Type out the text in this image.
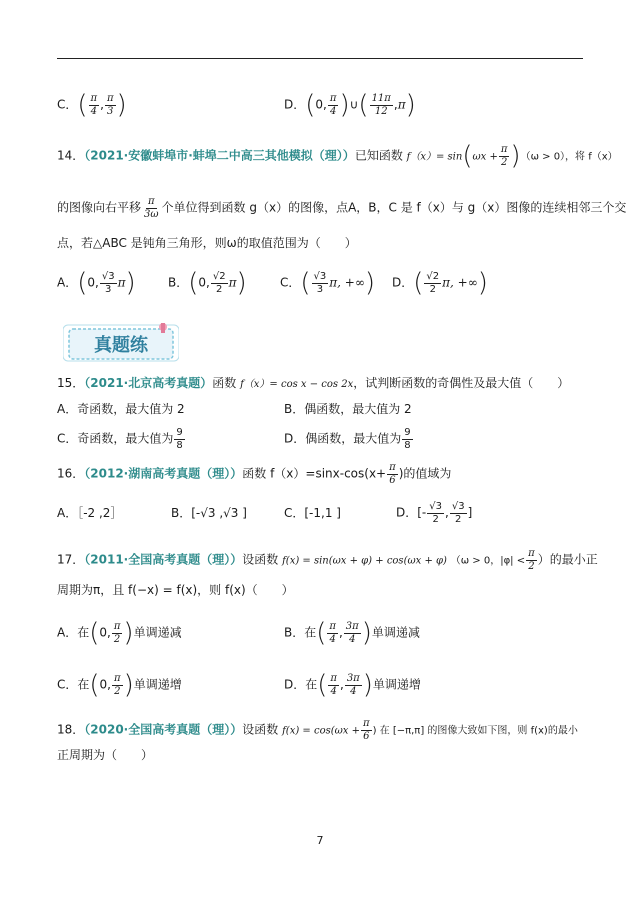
C．( $\frac{\pi}{4}$ , $\frac{\pi}{3}$ )	D．(0, $\frac{\pi}{4}$ )∪( $\frac{11\pi}{12} ,\pi$)
14．（2021·安徽蚌埠市·蚌埠二中高三其他模拟（理））已知函数 $f(x)= \sin(\omega x + \frac{\pi}{2} )(\omega > 0)$，将 f（x）
的图像向右平移 $\frac{\pi}{3\omega}$ 个单位得到函数 g（x）的图像，点A，B，C 是 f（x）与 g（x）图像的连续相邻三个交
点，若△ABC 是钝角三角形，则ω的取值范围为（　　）
A．(0, $\frac{√3}{3} \pi$)	B．(0, $\frac{√2}{2} \pi$)	C．( $\frac{√3}{3} \pi$, +∞) D．( $\frac{√2}{2} \pi$, +∞)
真题练
15．（2021·北京高考真题）函数 f（x）= cos x − cos 2x，试判断函数的奇偶性及最大值（　　）
A．奇函数，最大值为 2	B．偶函数，最大值为 2
C．奇函数，最大值为 $\frac{9}{8}$	D．偶函数，最大值为 $\frac{9}{8}$
16．（2012·湖南高考真题（理））函数 $f(x)=\sin x-\cos(x+ \frac{\pi}{6}$ )的值域为
A．［-2 ,2］	B．[-√3 ,√3 ]	C．[-1,1 ]	D．[- $\frac{√3}{2}$ , $\frac{√3}{2}$ ]
17．（2011·全国高考真题（理））设函数 f(x) = sin(ωx + φ) + cos(ωx + φ) （ω > 0，$|\varphi| < \frac{\pi}{2}$ ）的最小正
周期为π，且 f(−x) = f(x)，则 f(x)（　　）
A．在(0, $\frac{\pi}{2}$ )单调递减	B．在( $\frac{\pi}{4}$ , $\frac{3\pi}{4}$ )单调递减
C．在(0, $\frac{\pi}{2}$ )单调递增	D．在( $\frac{\pi}{4}$ , $\frac{3\pi}{4}$ )单调递增
18．（2020·全国高考真题（理））设函数 $f(x) = \cos(\omega x + \frac{\pi}{6}$ ) 在 [−π,π] 的图像大致如下图，则 f(x)的最小
正周期为（　　）
7
